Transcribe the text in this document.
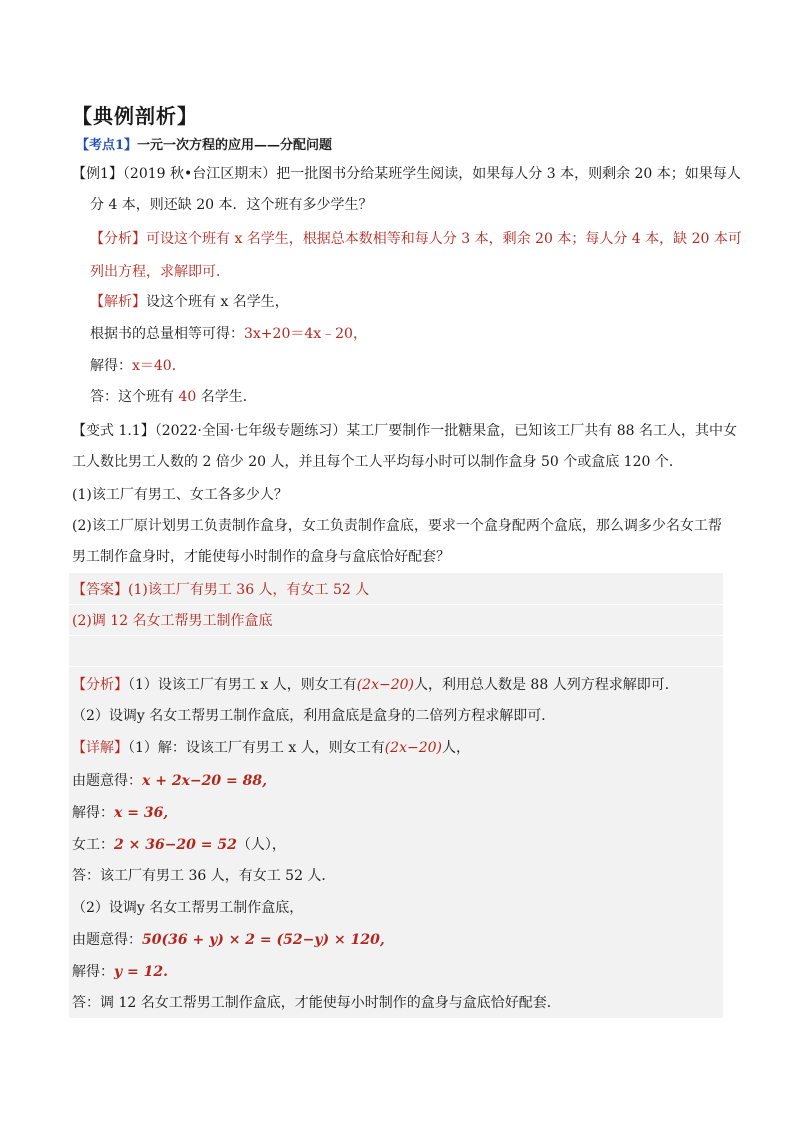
【典例剖析】
【考点1】一元一次方程的应用——分配问题
【例1】（2019 秋•台江区期末）把一批图书分给某班学生阅读，如果每人分 3 本，则剩余 20 本；如果每人
分 4 本，则还缺 20 本．这个班有多少学生？
【分析】可设这个班有 x 名学生，根据总本数相等和每人分 3 本，剩余 20 本；每人分 4 本，缺 20 本可
列出方程，求解即可．
【解析】设这个班有 x 名学生，
根据书的总量相等可得：3x+20＝4x﹣20，
解得：x＝40．
答：这个班有 40 名学生．
【变式 1.1】（2022·全国·七年级专题练习）某工厂要制作一批糖果盒，已知该工厂共有 88 名工人，其中女
工人数比男工人数的 2 倍少 20 人，并且每个工人平均每小时可以制作盒身 50 个或盒底 120 个．
(1)该工厂有男工、女工各多少人？
(2)该工厂原计划男工负责制作盒身，女工负责制作盒底，要求一个盒身配两个盒底，那么调多少名女工帮
男工制作盒身时，才能使每小时制作的盒身与盒底恰好配套？
【答案】(1)该工厂有男工 36 人，有女工 52 人
(2)调 12 名女工帮男工制作盒底
【分析】（1）设该工厂有男工 x 人，则女工有(2x−20)人，利用总人数是 88 人列方程求解即可．
（2）设调y 名女工帮男工制作盒底，利用盒底是盒身的二倍列方程求解即可．
【详解】（1）解：设该工厂有男工 x 人，则女工有(2x−20)人，
由题意得：x + 2x−20 = 88,
解得：x = 36,
女工：2 × 36−20 = 52（人），
答：该工厂有男工 36 人，有女工 52 人．
（2）设调y 名女工帮男工制作盒底，
由题意得：50(36 + y) × 2 = (52−y) × 120,
解得：y = 12.
答：调 12 名女工帮男工制作盒底，才能使每小时制作的盒身与盒底恰好配套．
